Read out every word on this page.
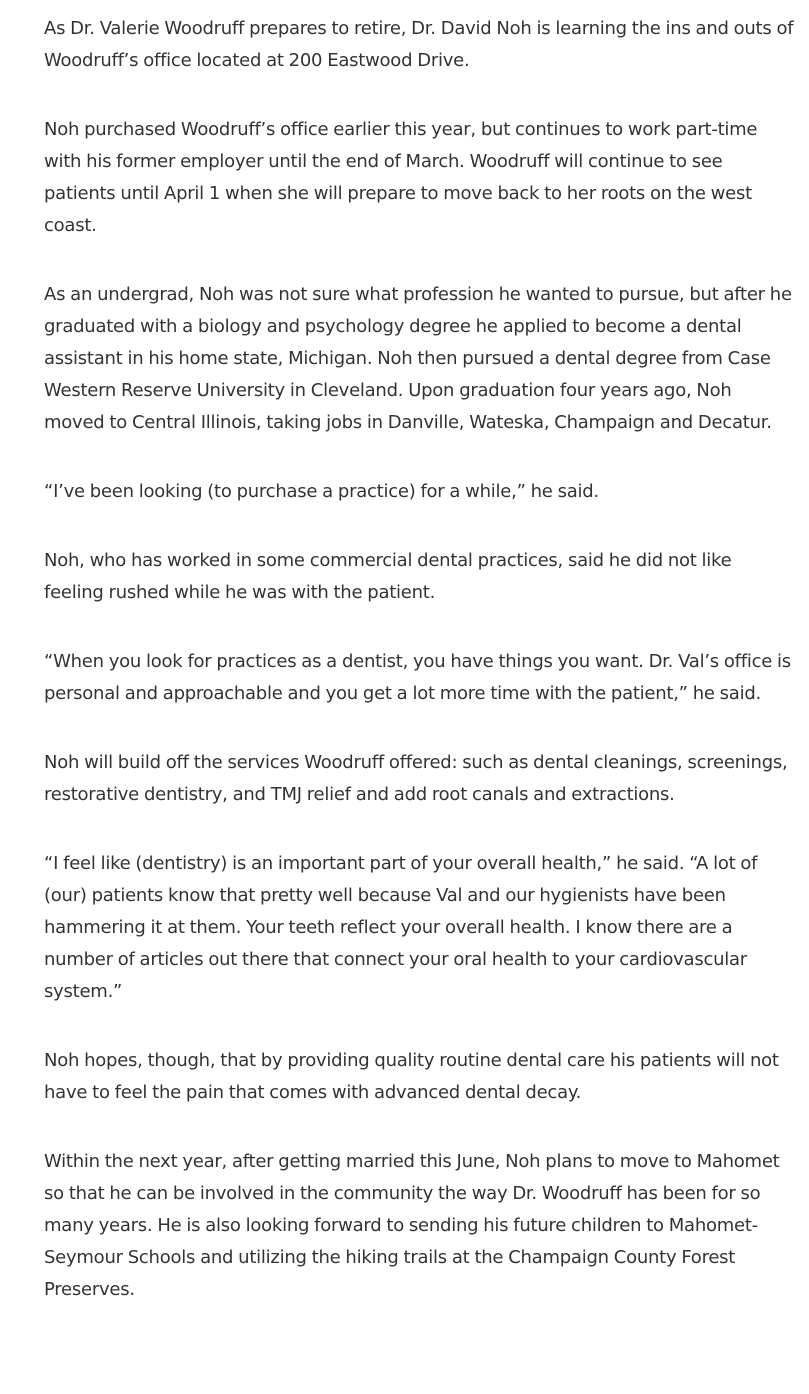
As Dr. Valerie Woodruff prepares to retire, Dr. David Noh is learning the ins and outs of Woodruff’s office located at 200 Eastwood Drive.

Noh purchased Woodruff’s office earlier this year, but continues to work part-time with his former employer until the end of March. Woodruff will continue to see patients until April 1 when she will prepare to move back to her roots on the west coast.

As an undergrad, Noh was not sure what profession he wanted to pursue, but after he graduated with a biology and psychology degree he applied to become a dental assistant in his home state, Michigan. Noh then pursued a dental degree from Case Western Reserve University in Cleveland. Upon graduation four years ago, Noh moved to Central Illinois, taking jobs in Danville, Wateska, Champaign and Decatur.

“I’ve been looking (to purchase a practice) for a while,” he said.

Noh, who has worked in some commercial dental practices, said he did not like feeling rushed while he was with the patient.

“When you look for practices as a dentist, you have things you want. Dr. Val’s office is personal and approachable and you get a lot more time with the patient,” he said.

Noh will build off the services Woodruff offered: such as dental cleanings, screenings, restorative dentistry, and TMJ relief and add root canals and extractions.

“I feel like (dentistry) is an important part of your overall health,” he said. “A lot of (our) patients know that pretty well because Val and our hygienists have been hammering it at them. Your teeth reflect your overall health. I know there are a number of articles out there that connect your oral health to your cardiovascular system.”

Noh hopes, though, that by providing quality routine dental care his patients will not have to feel the pain that comes with advanced dental decay.

Within the next year, after getting married this June, Noh plans to move to Mahomet so that he can be involved in the community the way Dr. Woodruff has been for so many years. He is also looking forward to sending his future children to Mahomet-Seymour Schools and utilizing the hiking trails at the Champaign County Forest Preserves.
